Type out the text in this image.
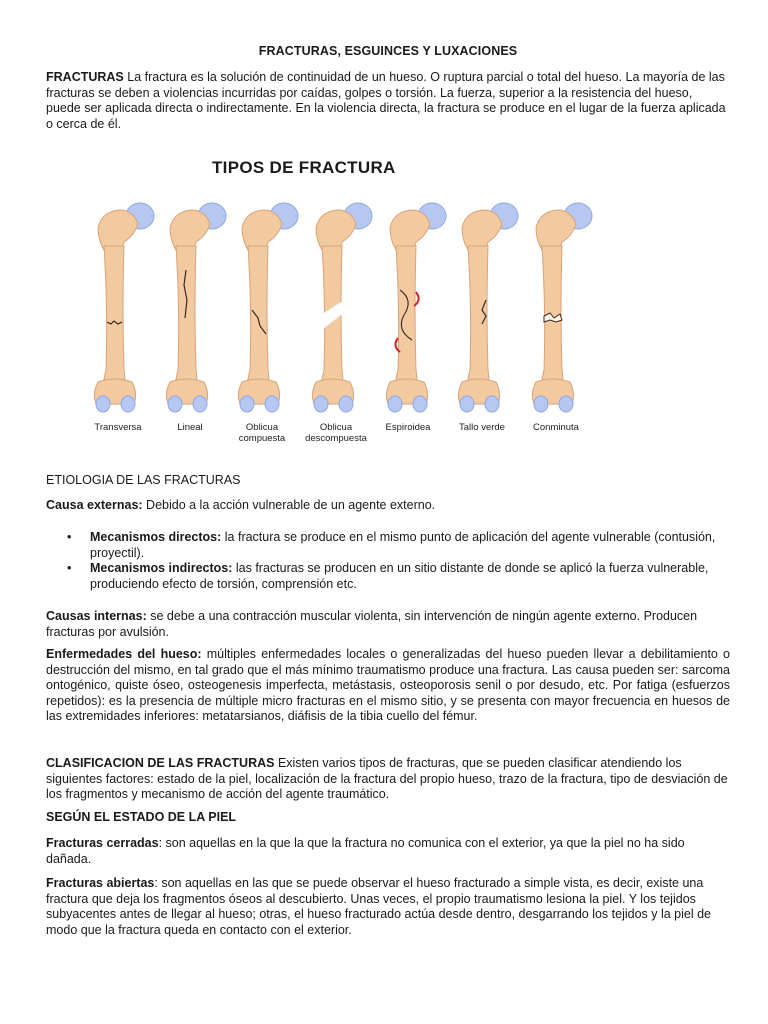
FRACTURAS, ESGUINCES Y LUXACIONES

FRACTURAS La fractura es la solución de continuidad de un hueso. O ruptura parcial o total del hueso. La mayoría de las fracturas se deben a violencias incurridas por caídas, golpes o torsión. La fuerza, superior a la resistencia del hueso, puede ser aplicada directa o indirectamente. En la violencia directa, la fractura se produce en el lugar de la fuerza aplicada o cerca de él.

TIPOS DE FRACTURA
Transversa	Lineal	Oblicua
compuesta
Oblicua
descompuesta
Espiroidea	Tallo verde	Conminuta

ETIOLOGIA DE LAS FRACTURAS

Causa externas: Debido a la acción vulnerable de un agente externo.

• Mecanismos directos: la fractura se produce en el mismo punto de aplicación del agente vulnerable (contusión, proyectil).
• Mecanismos indirectos: las fracturas se producen en un sitio distante de donde se aplicó la fuerza vulnerable, produciendo efecto de torsión, comprensión etc.

Causas internas: se debe a una contracción muscular violenta, sin intervención de ningún agente externo. Producen fracturas por avulsión.

Enfermedades del hueso: múltiples enfermedades locales o generalizadas del hueso pueden llevar a debilitamiento o destrucción del mismo, en tal grado que el más mínimo traumatismo produce una fractura. Las causa pueden ser: sarcoma ontogénico, quiste óseo, osteogenesis imperfecta, metástasis, osteoporosis senil o por desudo, etc. Por fatiga (esfuerzos repetidos): es la presencia de múltiple micro fracturas en el mismo sitio, y se presenta con mayor frecuencia en huesos de las extremidades inferiores: metatarsianos, diáfisis de la tibia cuello del fémur.

CLASIFICACION DE LAS FRACTURAS Existen varios tipos de fracturas, que se pueden clasificar atendiendo los siguientes factores: estado de la piel, localización de la fractura del propio hueso, trazo de la fractura, tipo de desviación de los fragmentos y mecanismo de acción del agente traumático.

SEGÚN EL ESTADO DE LA PIEL

Fracturas cerradas: son aquellas en la que la que la fractura no comunica con el exterior, ya que la piel no ha sido dañada.

Fracturas abiertas: son aquellas en las que se puede observar el hueso fracturado a simple vista, es decir, existe una fractura que deja los fragmentos óseos al descubierto. Unas veces, el propio traumatismo lesiona la piel. Y los tejidos subyacentes antes de llegar al hueso; otras, el hueso fracturado actúa desde dentro, desgarrando los tejidos y la piel de modo que la fractura queda en contacto con el exterior.
